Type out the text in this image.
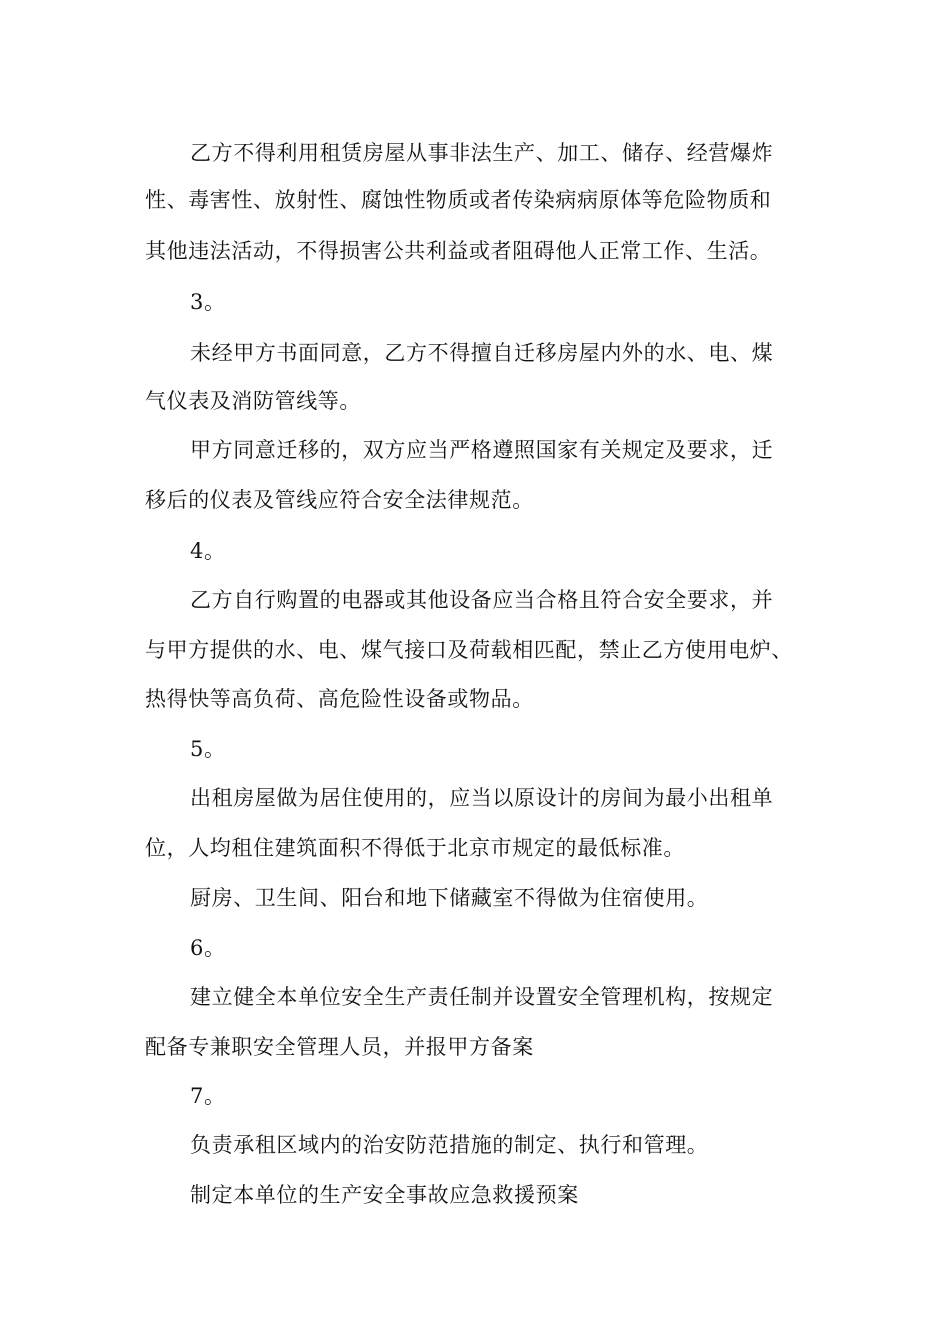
乙方不得利用租赁房屋从事非法生产、加工、储存、经营爆炸
性、毒害性、放射性、腐蚀性物质或者传染病病原体等危险物质和
其他违法活动，不得损害公共利益或者阻碍他人正常工作、生活。
3。
未经甲方书面同意，乙方不得擅自迁移房屋内外的水、电、煤
气仪表及消防管线等。
甲方同意迁移的，双方应当严格遵照国家有关规定及要求，迁
移后的仪表及管线应符合安全法律规范。
4。
乙方自行购置的电器或其他设备应当合格且符合安全要求，并
与甲方提供的水、电、煤气接口及荷载相匹配，禁止乙方使用电炉、
热得快等高负荷、高危险性设备或物品。
5。
出租房屋做为居住使用的，应当以原设计的房间为最小出租单
位，人均租住建筑面积不得低于北京市规定的最低标准。
厨房、卫生间、阳台和地下储藏室不得做为住宿使用。
6。
建立健全本单位安全生产责任制并设置安全管理机构，按规定
配备专兼职安全管理人员，并报甲方备案
7。
负责承租区域内的治安防范措施的制定、执行和管理。
制定本单位的生产安全事故应急救援预案
